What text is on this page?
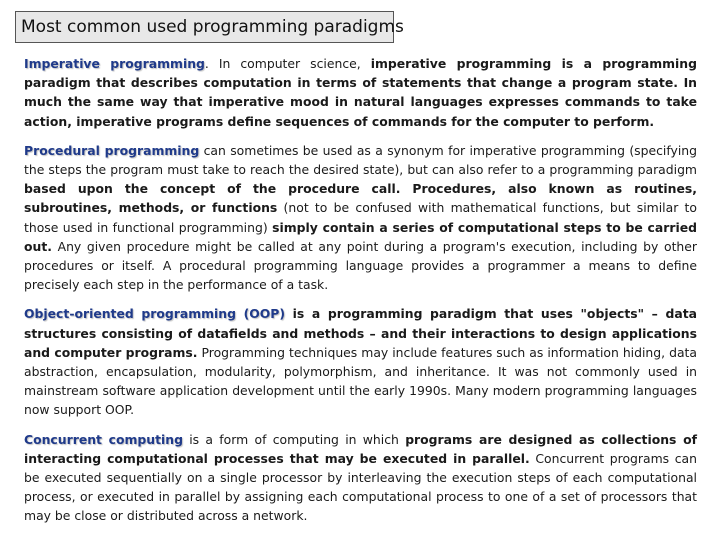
Most common used programming paradigms

Imperative programming. In computer science, imperative programming is a programming paradigm that describes computation in terms of statements that change a program state. In much the same way that imperative mood in natural languages expresses commands to take action, imperative programs define sequences of commands for the computer to perform.

Procedural programming can sometimes be used as a synonym for imperative programming (specifying the steps the program must take to reach the desired state), but can also refer to a programming paradigm based upon the concept of the procedure call. Procedures, also known as routines, subroutines, methods, or functions (not to be confused with mathematical functions, but similar to those used in functional programming) simply contain a series of computational steps to be carried out. Any given procedure might be called at any point during a program's execution, including by other procedures or itself. A procedural programming language provides a programmer a means to define precisely each step in the performance of a task.

Object-oriented programming (OOP) is a programming paradigm that uses "objects" – data structures consisting of datafields and methods – and their interactions to design applications and computer programs. Programming techniques may include features such as information hiding, data abstraction, encapsulation, modularity, polymorphism, and inheritance. It was not commonly used in mainstream software application development until the early 1990s. Many modern programming languages now support OOP.

Concurrent computing is a form of computing in which programs are designed as collections of interacting computational processes that may be executed in parallel. Concurrent programs can be executed sequentially on a single processor by interleaving the execution steps of each computational process, or executed in parallel by assigning each computational process to one of a set of processors that may be close or distributed across a network.
